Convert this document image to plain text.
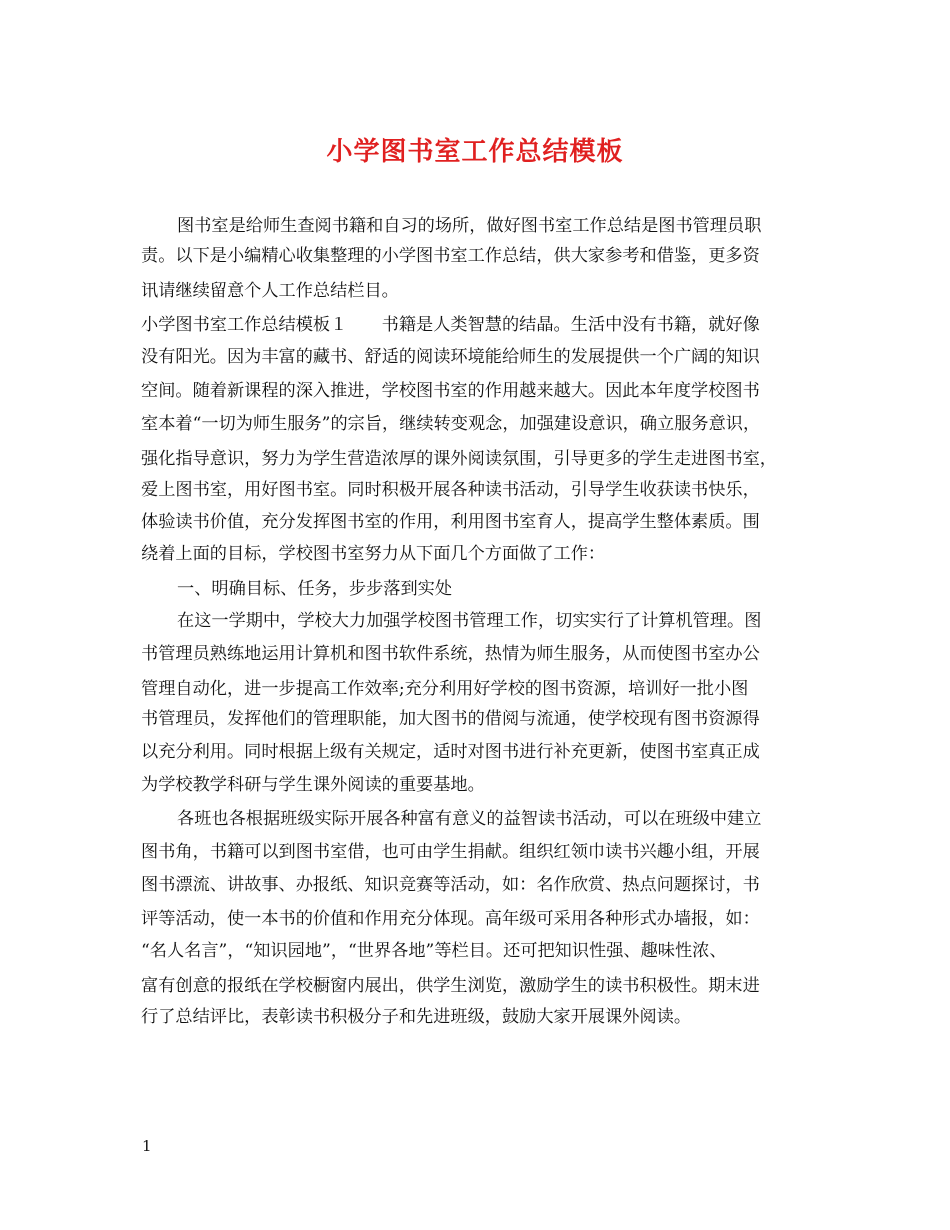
小学图书室工作总结模板
图书室是给师生查阅书籍和自习的场所，做好图书室工作总结是图书管理员职
责。以下是小编精心收集整理的小学图书室工作总结，供大家参考和借鉴，更多资
讯请继续留意个人工作总结栏目。
小学图书室工作总结模板１　　书籍是人类智慧的结晶。生活中没有书籍，就好像
没有阳光。因为丰富的藏书、舒适的阅读环境能给师生的发展提供一个广阔的知识
空间。随着新课程的深入推进，学校图书室的作用越来越大。因此本年度学校图书
室本着“一切为师生服务”的宗旨，继续转变观念，加强建设意识，确立服务意识，
强化指导意识，努力为学生营造浓厚的课外阅读氛围，引导更多的学生走进图书室，
爱上图书室，用好图书室。同时积极开展各种读书活动，引导学生收获读书快乐，
体验读书价值，充分发挥图书室的作用，利用图书室育人，提高学生整体素质。围
绕着上面的目标，学校图书室努力从下面几个方面做了工作：
一、明确目标、任务，步步落到实处
在这一学期中，学校大力加强学校图书管理工作，切实实行了计算机管理。图
书管理员熟练地运用计算机和图书软件系统，热情为师生服务，从而使图书室办公
管理自动化，进一步提高工作效率;充分利用好学校的图书资源，培训好一批小图
书管理员，发挥他们的管理职能，加大图书的借阅与流通，使学校现有图书资源得
以充分利用。同时根据上级有关规定，适时对图书进行补充更新，使图书室真正成
为学校教学科研与学生课外阅读的重要基地。
各班也各根据班级实际开展各种富有意义的益智读书活动，可以在班级中建立
图书角，书籍可以到图书室借，也可由学生捐献。组织红领巾读书兴趣小组，开展
图书漂流、讲故事、办报纸、知识竞赛等活动，如：名作欣赏、热点问题探讨，书
评等活动，使一本书的价值和作用充分体现。高年级可采用各种形式办墙报，如：
“名人名言”，“知识园地”，“世界各地”等栏目。还可把知识性强、趣味性浓、
富有创意的报纸在学校橱窗内展出，供学生浏览，激励学生的读书积极性。期末进
行了总结评比，表彰读书积极分子和先进班级，鼓励大家开展课外阅读。
1
